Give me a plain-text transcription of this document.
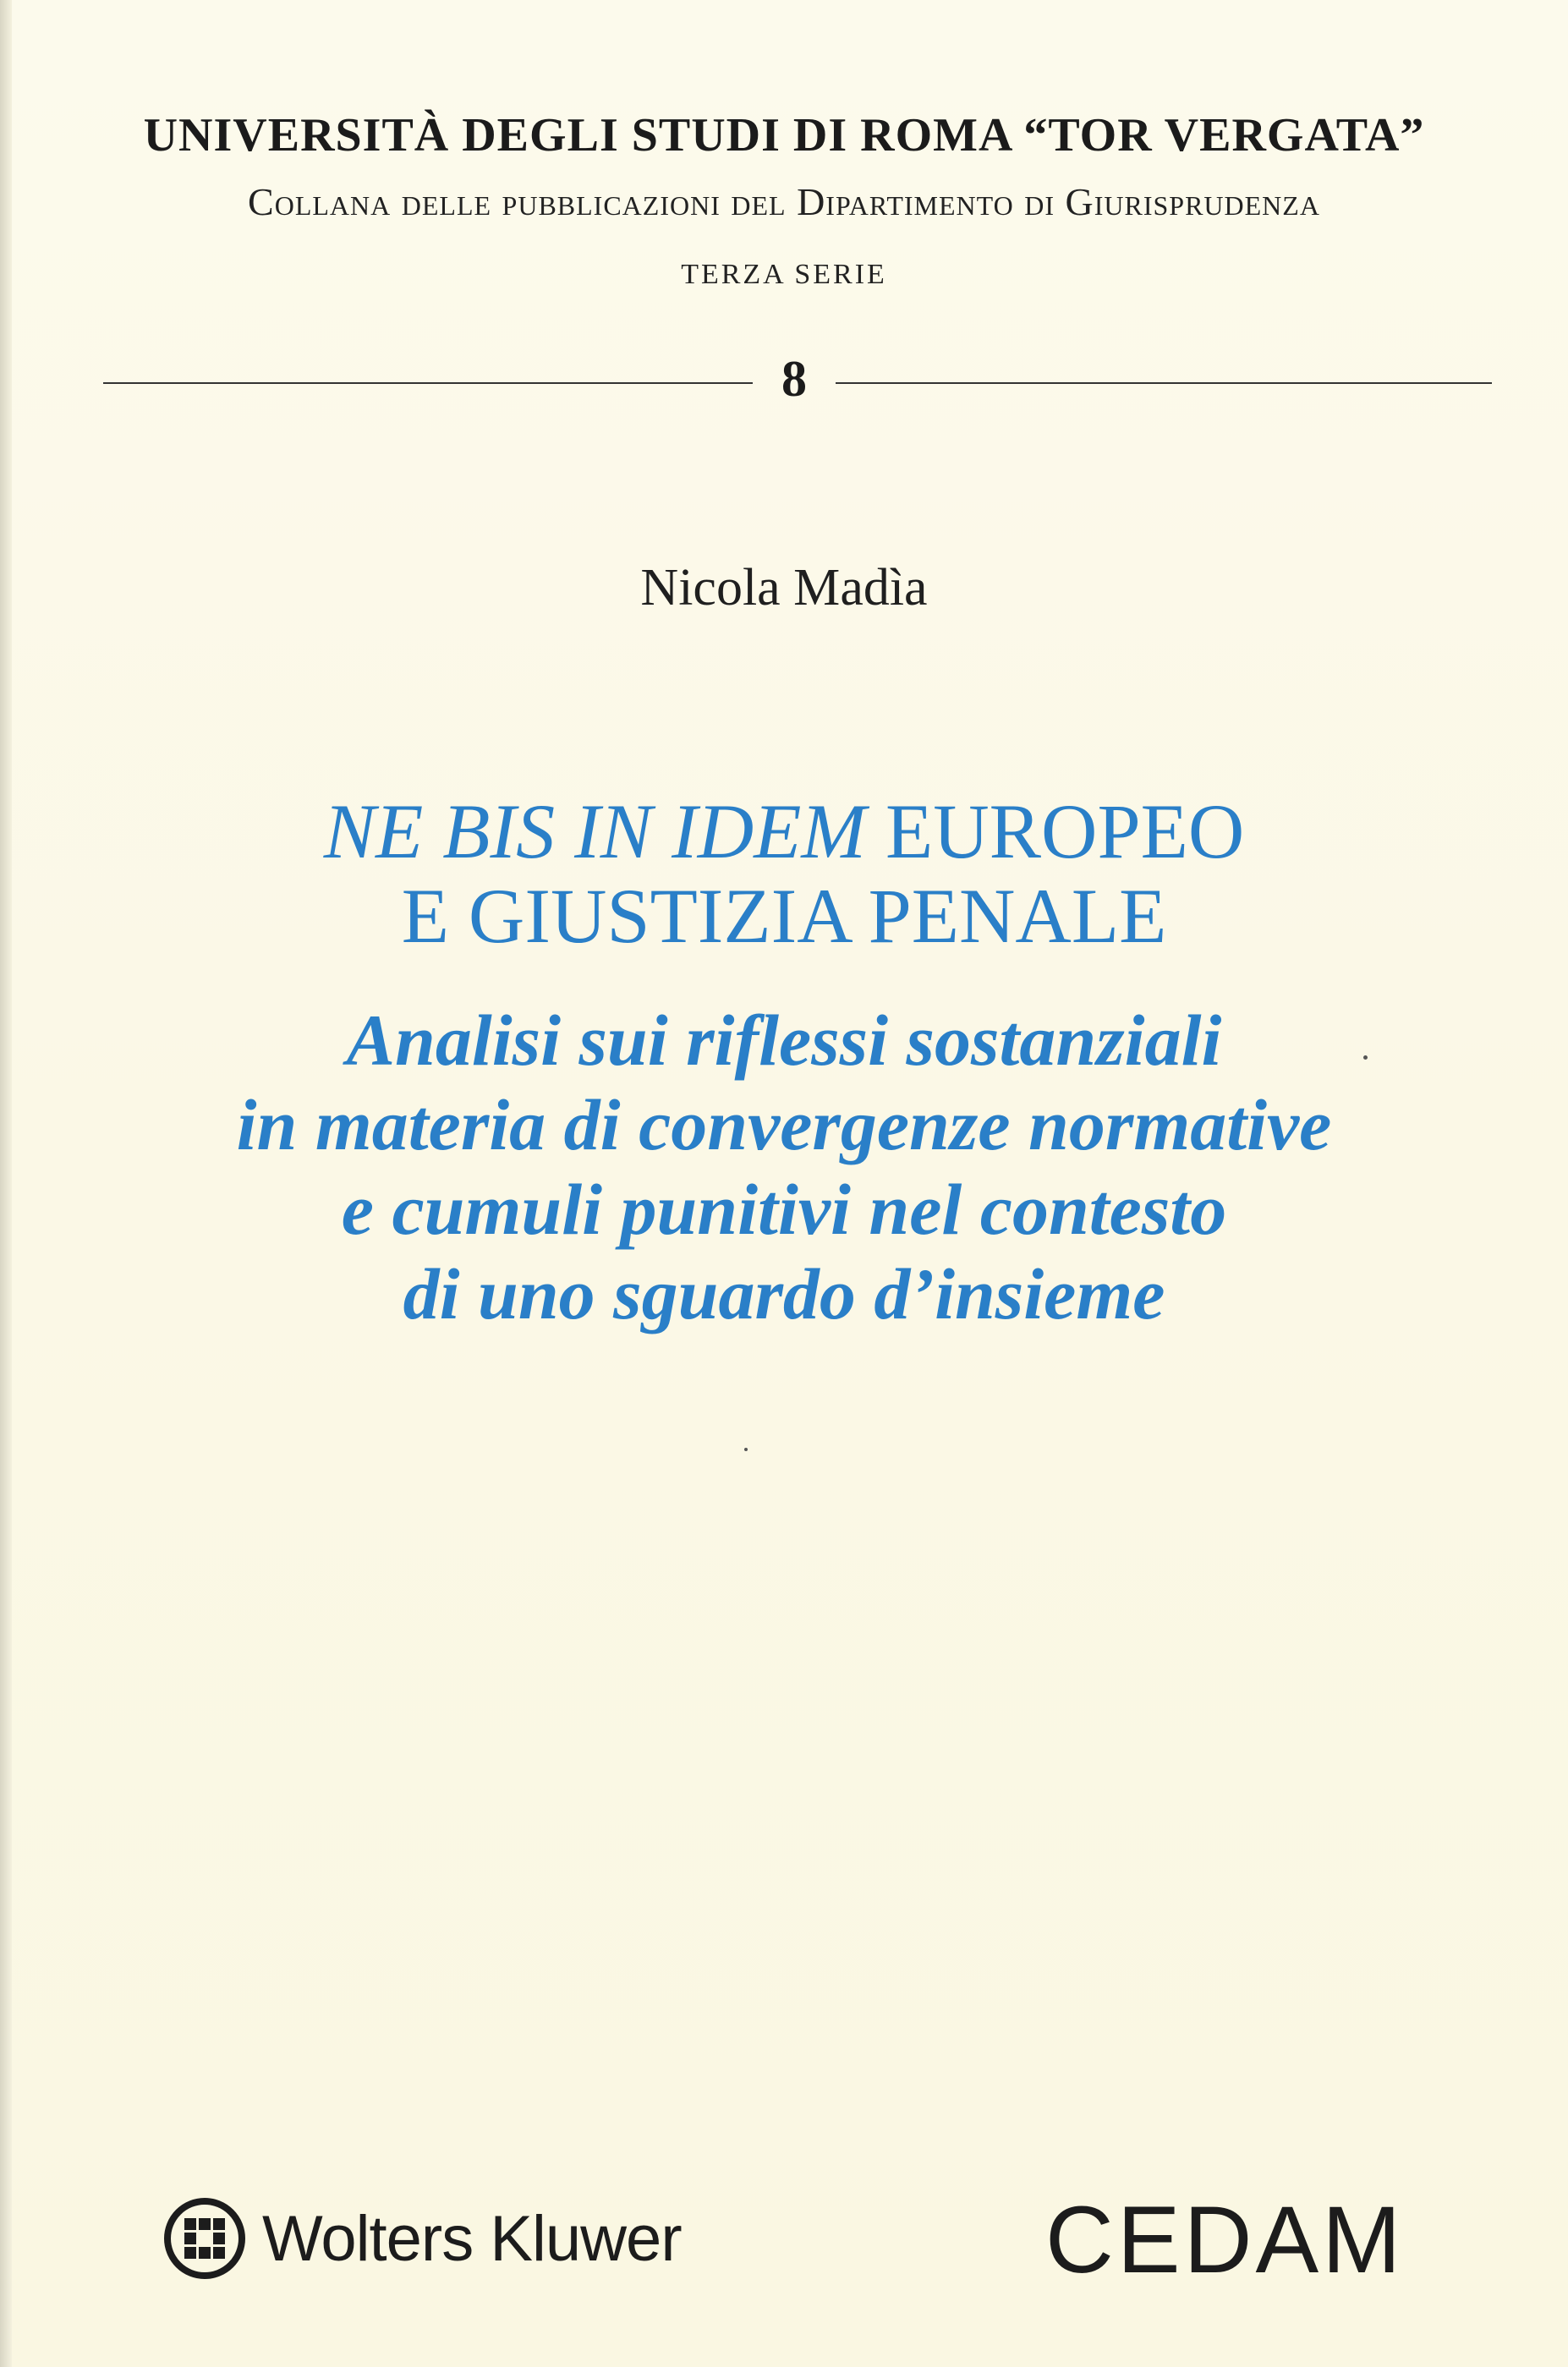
UNIVERSITÀ DEGLI STUDI DI ROMA “TOR VERGATA”
Collana delle pubblicazioni del Dipartimento di Giurisprudenza
TERZA SERIE
8
Nicola Madìa
NE BIS IN IDEM EUROPEO
E GIUSTIZIA PENALE
Analisi sui riflessi sostanziali
in materia di convergenze normative
e cumuli punitivi nel contesto
di uno sguardo d’insieme
Wolters Kluwer	CEDAM
